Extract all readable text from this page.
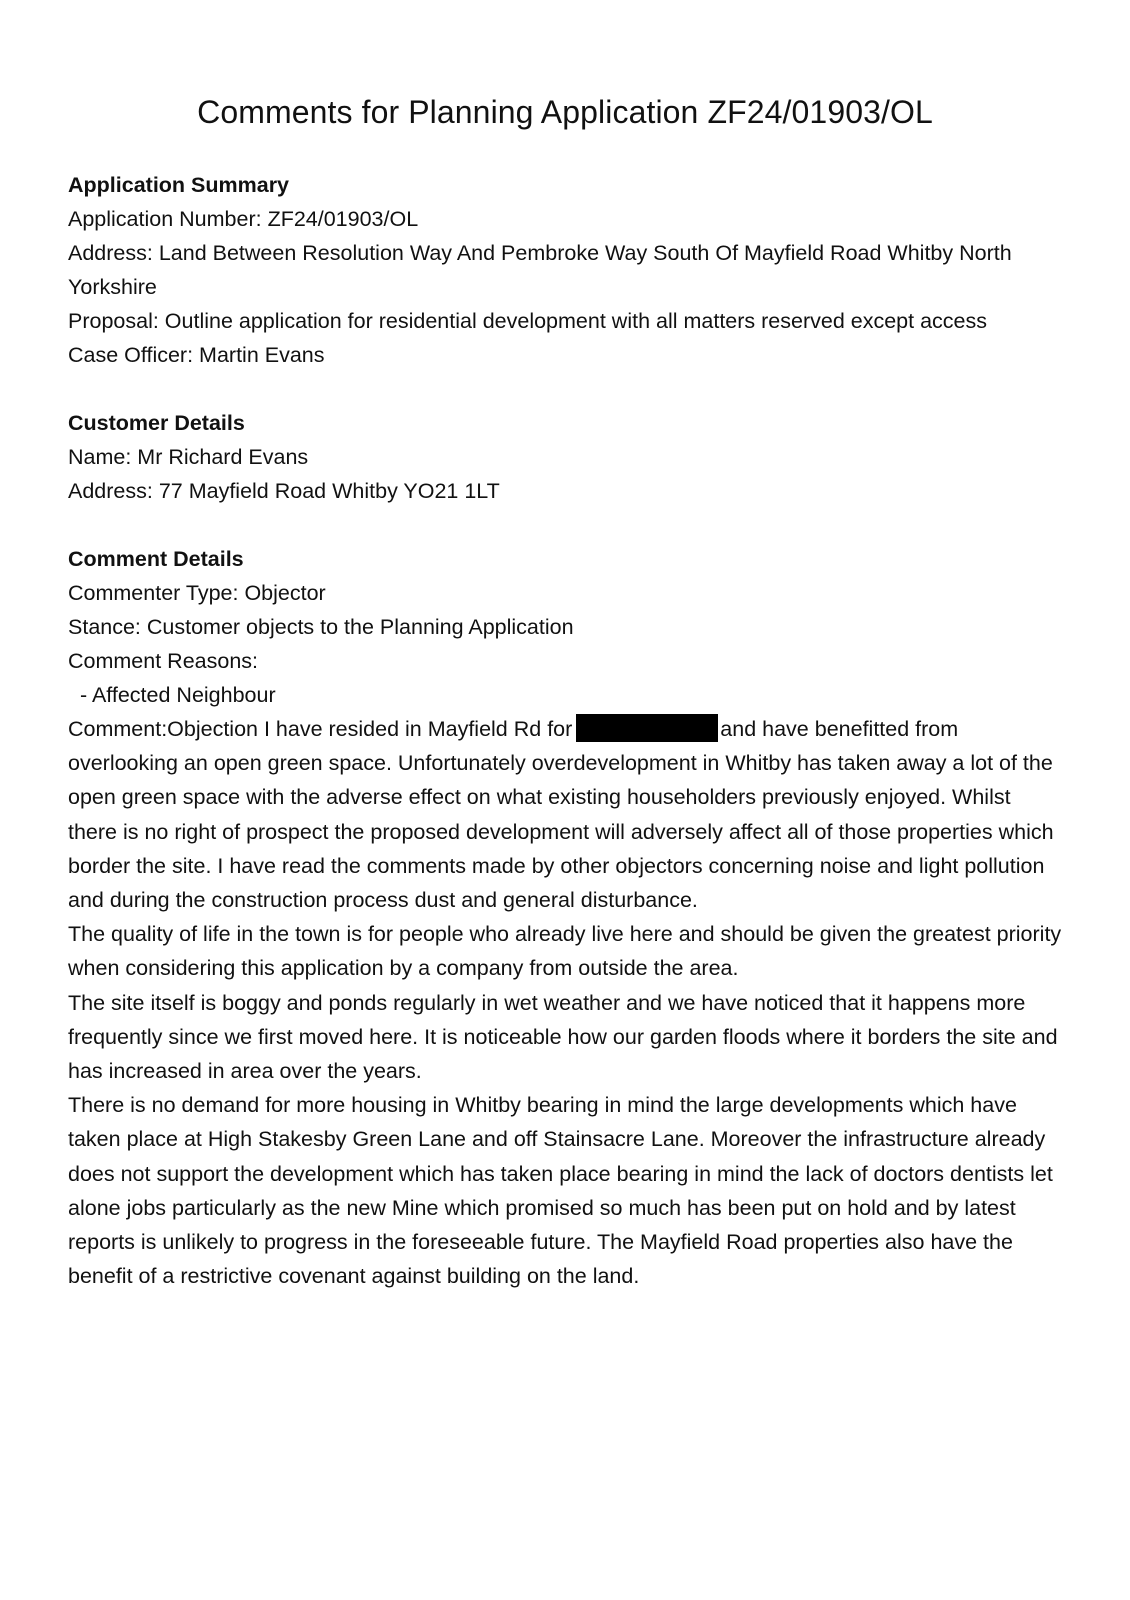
Comments for Planning Application ZF24/01903/OL
Application Summary

Application Number: ZF24/01903/OL

Address: Land Between Resolution Way And Pembroke Way South Of Mayfield Road Whitby North Yorkshire

Proposal: Outline application for residential development with all matters reserved except access

Case Officer: Martin Evans

Customer Details

Name: Mr Richard Evans

Address: 77 Mayfield Road Whitby YO21 1LT

Comment Details

Commenter Type: Objector

Stance: Customer objects to the Planning Application

Comment Reasons:

- Affected Neighbour

Comment:Objection I have resided in Mayfield Rd for	and have benefitted from overlooking an open green space. Unfortunately overdevelopment in Whitby has taken away a lot of the open green space with the adverse effect on what existing householders previously enjoyed. Whilst there is no right of prospect the proposed development will adversely affect all of those properties which border the site. I have read the comments made by other objectors concerning noise and light pollution and during the construction process dust and general disturbance.

The quality of life in the town is for people who already live here and should be given the greatest priority when considering this application by a company from outside the area.

The site itself is boggy and ponds regularly in wet weather and we have noticed that it happens more frequently since we first moved here. It is noticeable how our garden floods where it borders the site and has increased in area over the years.

There is no demand for more housing in Whitby bearing in mind the large developments which have taken place at High Stakesby Green Lane and off Stainsacre Lane. Moreover the infrastructure already does not support the development which has taken place bearing in mind the lack of doctors dentists let alone jobs particularly as the new Mine which promised so much has been put on hold and by latest reports is unlikely to progress in the foreseeable future. The Mayfield Road properties also have the benefit of a restrictive covenant against building on the land.
